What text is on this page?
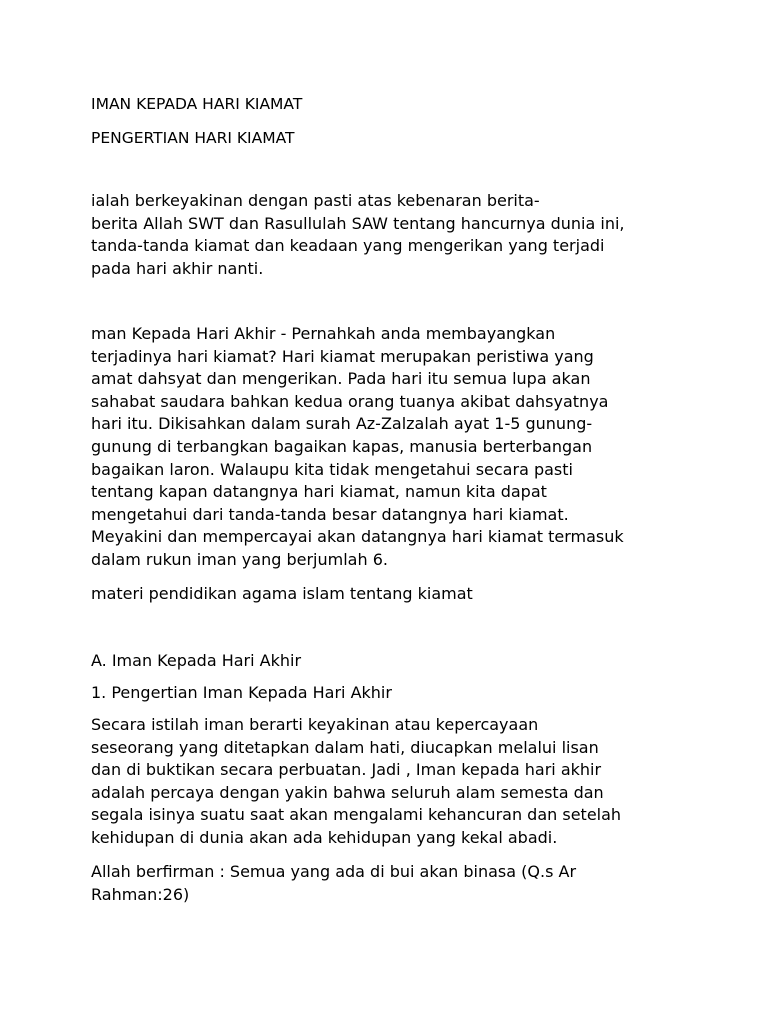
IMAN KEPADA HARI KIAMAT

PENGERTIAN HARI KIAMAT

ialah berkeyakinan dengan pasti atas kebenaran berita-
berita Allah SWT dan Rasullulah SAW tentang hancurnya dunia ini,
tanda-tanda kiamat dan keadaan yang mengerikan yang terjadi
pada hari akhir nanti.

man Kepada Hari Akhir - Pernahkah anda membayangkan
terjadinya hari kiamat? Hari kiamat merupakan peristiwa yang
amat dahsyat dan mengerikan. Pada hari itu semua lupa akan
sahabat saudara bahkan kedua orang tuanya akibat dahsyatnya
hari itu. Dikisahkan dalam surah Az-Zalzalah ayat 1-5 gunung-
gunung di terbangkan bagaikan kapas, manusia berterbangan
bagaikan laron. Walaupu kita tidak mengetahui secara pasti
tentang kapan datangnya hari kiamat, namun kita dapat
mengetahui dari tanda-tanda besar datangnya hari kiamat.
Meyakini dan mempercayai akan datangnya hari kiamat termasuk
dalam rukun iman yang berjumlah 6.

materi pendidikan agama islam tentang kiamat

A. Iman Kepada Hari Akhir

1. Pengertian Iman Kepada Hari Akhir

Secara istilah iman berarti keyakinan atau kepercayaan
seseorang yang ditetapkan dalam hati, diucapkan melalui lisan
dan di buktikan secara perbuatan. Jadi , Iman kepada hari akhir
adalah percaya dengan yakin bahwa seluruh alam semesta dan
segala isinya suatu saat akan mengalami kehancuran dan setelah
kehidupan di dunia akan ada kehidupan yang kekal abadi.

Allah berfirman : Semua yang ada di bui akan binasa (Q.s Ar
Rahman:26)
